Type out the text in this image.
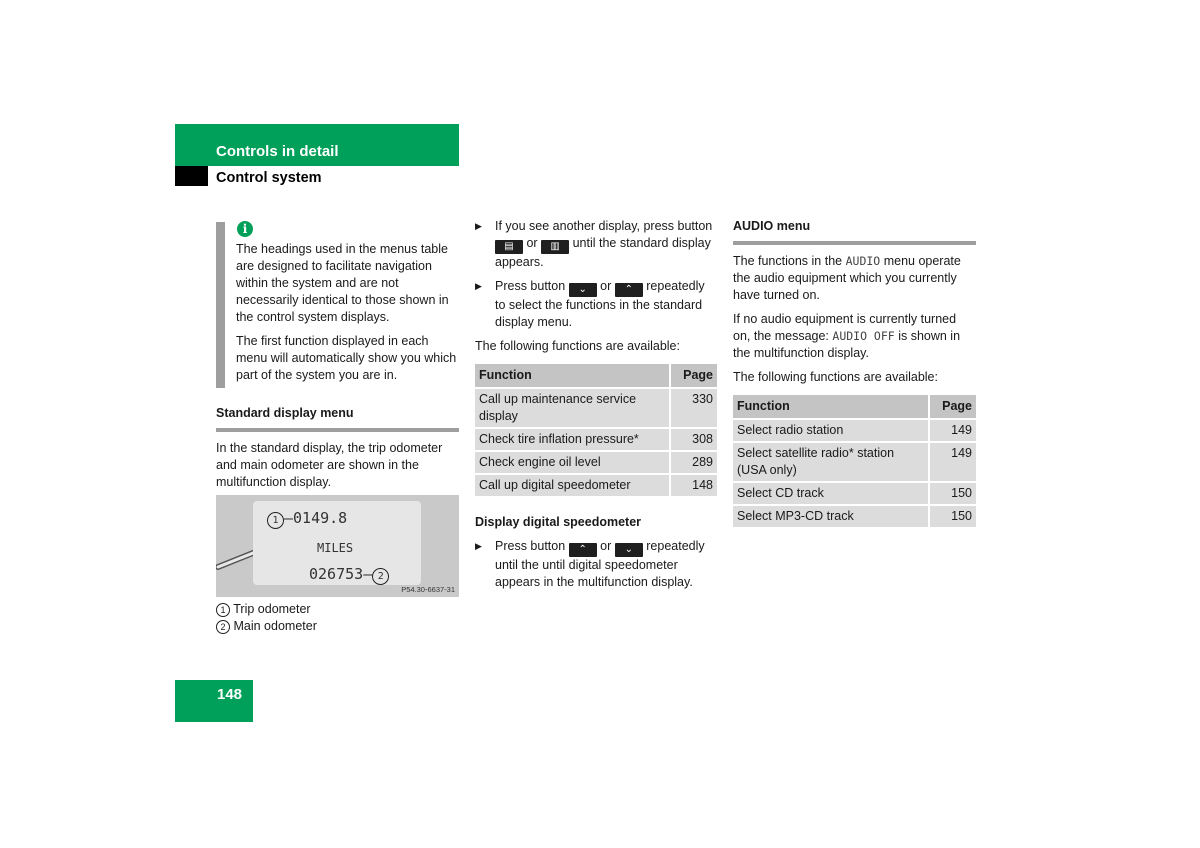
Controls in detail
Control system
i

The headings used in the menus table are designed to facilitate navigation within the system and are not necessarily identical to those shown in the control system displays.

The first function displayed in each menu will automatically show you which part of the system you are in.

Standard display menu

In the standard display, the trip odometer and main odometer are shown in the multifunction display.

1 —0149.8
MILES
026753— 2
P54.30-6637-31
1 Trip odometer
2 Main odometer
▶ If you see another display, press button ▤ or ▥ until the standard display appears.
▶ Press button ⌄ or ⌃ repeatedly to select the functions in the standard display menu.

The following functions are available:

Function	Page
Call up maintenance service display	330
Check tire inflation pressure*	308
Check engine oil level	289
Call up digital speedometer	148
Display digital speedometer
▶ Press button ⌃ or ⌄ repeatedly until the until digital speedometer appears in the multifunction display.
AUDIO menu

The functions in the AUDIO menu operate the audio equipment which you currently have turned on.

If no audio equipment is currently turned on, the message: AUDIO OFF is shown in the multifunction display.

The following functions are available:

Function	Page
Select radio station	149
Select satellite radio* station (USA only)	149
Select CD track	150
Select MP3-CD track	150
148
